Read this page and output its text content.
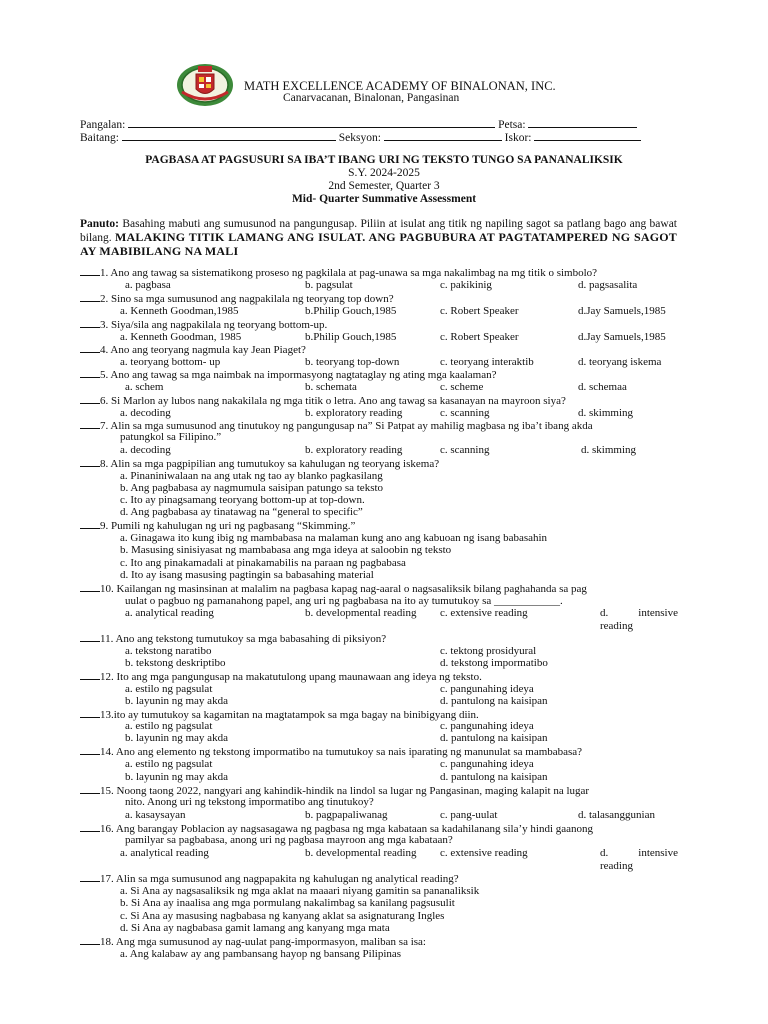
MATH EXCELLENCE ACADEMY OF BINALONAN, INC.
Canarvacanan, Binalonan, Pangasinan
Pangalan:	Petsa:
Baitang:	Seksyon:	Iskor:
PAGBASA AT PAGSUSURI SA IBA’T IBANG URI NG TEKSTO TUNGO SA PANANALIKSIK
S.Y. 2024-2025
2nd Semester, Quarter 3
Mid- Quarter Summative Assessment
Panuto: Basahing mabuti ang sumusunod na pangungusap. Piliin at isulat ang titik ng napiling sagot sa patlang bago ang bawat bilang. MALAKING TITIK LAMANG ANG ISULAT. ANG PAGBUBURA AT PAGTATAMPERED NG SAGOT AY MABIBILANG NA MALI
1. Ano ang tawag sa sistematikong proseso ng pagkilala at pag-unawa sa mga nakalimbag na mg titik o simbolo?
a. pagbasa	b. pagsulat	c. pakikinig	d. pagsasalita
2. Sino sa mga sumusunod ang nagpakilala ng teoryang top down?
a. Kenneth Goodman,1985	b.Philip Gouch,1985	c. Robert Speaker	d.Jay Samuels,1985
3. Siya/sila ang nagpakilala ng teoryang bottom-up.
a. Kenneth Goodman, 1985	b.Philip Gouch,1985	c. Robert Speaker	d.Jay Samuels,1985
4. Ano ang teoryang nagmula kay Jean Piaget?
a. teoryang bottom- up	b. teoryang top-down	c. teoryang interaktib	d. teoryang iskema
5. Ano ang tawag sa mga naimbak na impormasyong nagtataglay ng ating mga kaalaman?
a. schem	b. schemata	c. scheme	d. schemaa
6. Si Marlon ay lubos nang nakakilala ng mga titik o letra. Ano ang tawag sa kasanayan na mayroon siya?
a. decoding	b. exploratory reading	c. scanning	d. skimming
7. Alin sa mga sumusunod ang tinutukoy ng pangungusap na” Si Patpat ay mahilig magbasa ng iba’t ibang akda
patungkol sa Filipino.”
a. decoding	b. exploratory reading	c. scanning	d. skimming
8. Alin sa mga pagpipilian ang tumutukoy sa kahulugan ng teoryang iskema?
a. Pinaniniwalaan na ang utak ng tao ay blanko pagkasilang
b. Ang pagbabasa ay nagmumula saisipan patungo sa teksto
c. Ito ay pinagsamang teoryang bottom-up at top-down.
d. Ang pagbabasa ay tinatawag na “general to specific”
9. Pumili ng kahulugan ng uri ng pagbasang “Skimming.”
a. Ginagawa ito kung ibig ng mambabasa na malaman kung ano ang kabuoan ng isang babasahin
b. Masusing sinisiyasat ng mambabasa ang mga ideya at saloobin ng teksto
c. Ito ang pinakamadali at pinakamabilis na paraan ng pagbabasa
d. Ito ay isang masusing pagtingin sa babasahing material
10. Kailangan ng masinsinan at malalim na pagbasa kapag nag-aaral o nagsasaliksik bilang paghahanda sa pag
uulat o pagbuo ng pamanahong papel, ang uri ng pagbabasa na ito ay tumutukoy sa ____________.
a. analytical reading	b. developmental reading c. extensive reading	d. intensive reading
11. Ano ang tekstong tumutukoy sa mga babasahing di piksiyon?
a. tekstong naratibo	c. tektong prosidyural
b. tekstong deskriptibo	d. tekstong impormatibo
12. Ito ang mga pangungusap na makatutulong upang maunawaan ang ideya ng teksto.
a. estilo ng pagsulat	c. pangunahing ideya
b. layunin ng may akda	d. pantulong na kaisipan
13.ito ay tumutukoy sa kagamitan na magtatampok sa mga bagay na binibigyang diin.
a. estilo ng pagsulat	c. pangunahing ideya
b. layunin ng may akda	d. pantulong na kaisipan
14. Ano ang elemento ng tekstong impormatibo na tumutukoy sa nais iparating ng manunulat sa mambabasa?
a. estilo ng pagsulat	c. pangunahing ideya
b. layunin ng may akda	d. pantulong na kaisipan
15. Noong taong 2022, nangyari ang kahindik-hindik na lindol sa lugar ng Pangasinan, maging kalapit na lugar
nito. Anong uri ng tekstong impormatibo ang tinutukoy?
a. kasaysayan	b. pagpapaliwanag	c. pang-uulat	d. talasanggunian
16. Ang barangay Poblacion ay nagsasagawa ng pagbasa ng mga kabataan sa kadahilanang sila’y hindi gaanong
pamilyar sa pagbabasa, anong uri ng pagbasa mayroon ang mga kabataan?
a. analytical reading	b. developmental reading c. extensive reading	d. intensive reading
17. Alin sa mga sumusunod ang nagpapakita ng kahulugan ng analytical reading?
a. Si Ana ay nagsasaliksik ng mga aklat na maaari niyang gamitin sa pananaliksik
b. Si Ana ay inaalisa ang mga pormulang nakalimbag sa kanilang pagsusulit
c. Si Ana ay masusing nagbabasa ng kanyang aklat sa asignaturang Ingles
d. Si Ana ay nagbabasa gamit lamang ang kanyang mga mata
18. Ang mga sumusunod ay nag-uulat pang-impormasyon, maliban sa isa:
a. Ang kalabaw ay ang pambansang hayop ng bansang Pilipinas
